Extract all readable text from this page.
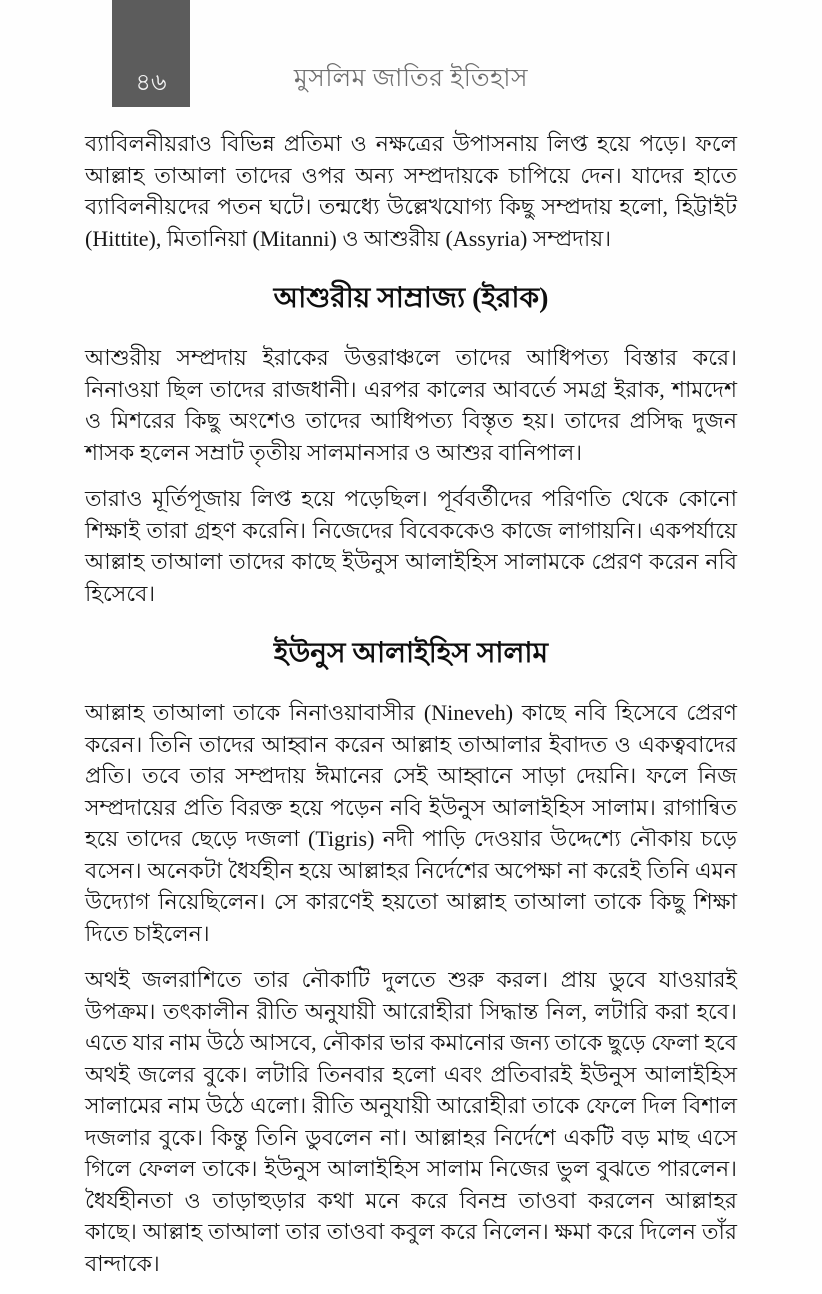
৪৬	মুসলিম জাতির ইতিহাস

ব্যাবিলনীয়রাও বিভিন্ন প্রতিমা ও নক্ষত্রের উপাসনায় লিপ্ত হয়ে পড়ে। ফলে আল্লাহ তাআলা তাদের ওপর অন্য সম্প্রদায়কে চাপিয়ে দেন। যাদের হাতে ব্যাবিলনীয়দের পতন ঘটে। তন্মধ্যে উল্লেখযোগ্য কিছু সম্প্রদায় হলো, হিট্টাইট (Hittite), মিতানিয়া (Mitanni) ও আশুরীয় (Assyria) সম্প্রদায়।

আশুরীয় সাম্রাজ্য (ইরাক)

আশুরীয় সম্প্রদায় ইরাকের উত্তরাঞ্চলে তাদের আধিপত্য বিস্তার করে। নিনাওয়া ছিল তাদের রাজধানী। এরপর কালের আবর্তে সমগ্র ইরাক, শামদেশ ও মিশরের কিছু অংশেও তাদের আধিপত্য বিস্তৃত হয়। তাদের প্রসিদ্ধ দুজন শাসক হলেন সম্রাট তৃতীয় সালমানসার ও আশুর বানিপাল।

তারাও মূর্তিপূজায় লিপ্ত হয়ে পড়েছিল। পূর্ববর্তীদের পরিণতি থেকে কোনো শিক্ষাই তারা গ্রহণ করেনি। নিজেদের বিবেককেও কাজে লাগায়নি। একপর্যায়ে আল্লাহ তাআলা তাদের কাছে ইউনুস আলাইহিস সালামকে প্রেরণ করেন নবি হিসেবে।

ইউনুস আলাইহিস সালাম

আল্লাহ তাআলা তাকে নিনাওয়াবাসীর (Nineveh) কাছে নবি হিসেবে প্রেরণ করেন। তিনি তাদের আহ্বান করেন আল্লাহ তাআলার ইবাদত ও একত্ববাদের প্রতি। তবে তার সম্প্রদায় ঈমানের সেই আহ্বানে সাড়া দেয়নি। ফলে নিজ সম্প্রদায়ের প্রতি বিরক্ত হয়ে পড়েন নবি ইউনুস আলাইহিস সালাম। রাগান্বিত হয়ে তাদের ছেড়ে দজলা (Tigris) নদী পাড়ি দেওয়ার উদ্দেশ্যে নৌকায় চড়ে বসেন। অনেকটা ধৈর্যহীন হয়ে আল্লাহর নির্দেশের অপেক্ষা না করেই তিনি এমন উদ্যোগ নিয়েছিলেন। সে কারণেই হয়তো আল্লাহ তাআলা তাকে কিছু শিক্ষা দিতে চাইলেন।

অথই জলরাশিতে তার নৌকাটি দুলতে শুরু করল। প্রায় ডুবে যাওয়ারই উপক্রম। তৎকালীন রীতি অনুযায়ী আরোহীরা সিদ্ধান্ত নিল, লটারি করা হবে। এতে যার নাম উঠে আসবে, নৌকার ভার কমানোর জন্য তাকে ছুড়ে ফেলা হবে অথই জলের বুকে। লটারি তিনবার হলো এবং প্রতিবারই ইউনুস আলাইহিস সালামের নাম উঠে এলো। রীতি অনুযায়ী আরোহীরা তাকে ফেলে দিল বিশাল দজলার বুকে। কিন্তু তিনি ডুবলেন না। আল্লাহর নির্দেশে একটি বড় মাছ এসে গিলে ফেলল তাকে। ইউনুস আলাইহিস সালাম নিজের ভুল বুঝতে পারলেন। ধৈর্যহীনতা ও তাড়াহুড়ার কথা মনে করে বিনম্র তাওবা করলেন আল্লাহর কাছে। আল্লাহ তাআলা তার তাওবা কবুল করে নিলেন। ক্ষমা করে দিলেন তাঁর বান্দাকে।
